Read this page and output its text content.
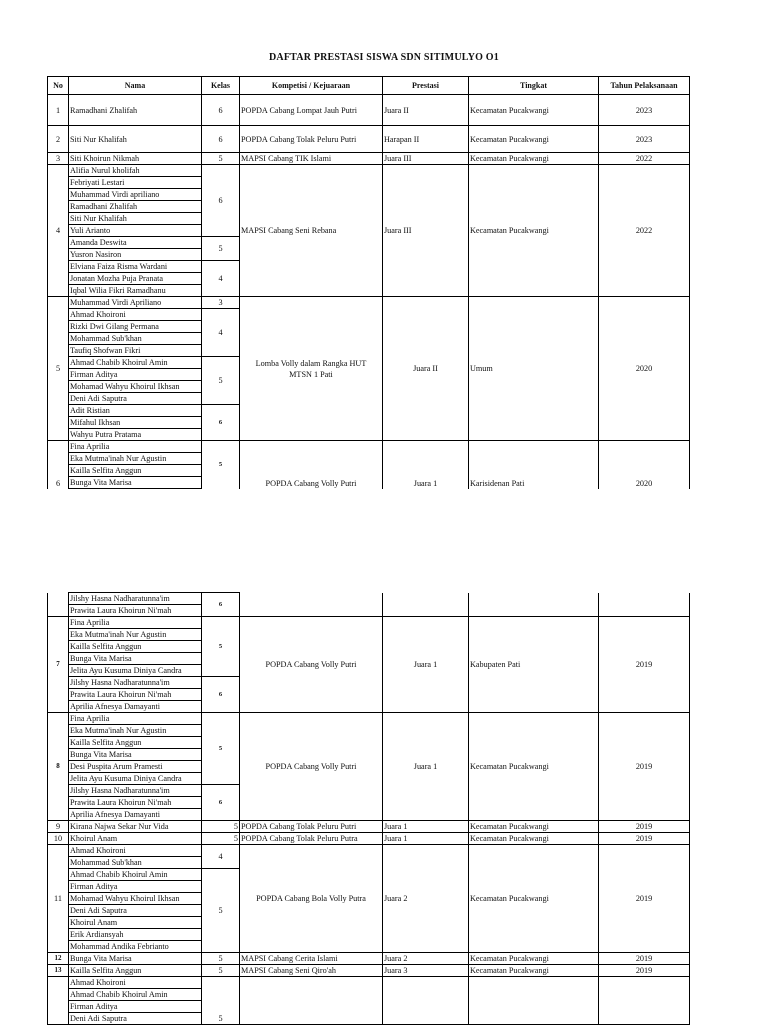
DAFTAR PRESTASI SISWA SDN SITIMULYO O1
No	Nama	Kelas	Kompetisi / Kejuaraan	Prestasi	Tingkat	Tahun Pelaksanaan
1	Ramadhani Zhalifah	6	POPDA Cabang Lompat Jauh Putri	Juara II	Kecamatan Pucakwangi	2023
2	Siti Nur Khalifah	6	POPDA Cabang Tolak Peluru Putri	Harapan II	Kecamatan Pucakwangi	2023
3	Siti Khoirun Nikmah	5	MAPSI Cabang TIK Islami	Juara III	Kecamatan Pucakwangi	2022
4	Alifia Nurul kholifah	6	MAPSI Cabang Seni Rebana	Juara III	Kecamatan Pucakwangi	2022
	Febriyati Lestari					
	Muhammad Virdi apriliano					
	Ramadhani Zhalifah					
	Siti Nur Khalifah					
	Yuli Arianto					
	Amanda Deswita	5				
	Yusron Nasiron					
	Elviana Faiza Risma Wardani	4				
	Jonatan Mozha Puja Pranata					
	Iqbal Wilia Fikri Ramadhanu					
5	Muhammad Virdi Apriliano	3	Lomba Volly dalam Rangka HUT MTSN 1 Pati	Juara II	Umum	2020
	Ahmad Khoironi	4				
	Rizki Dwi Gilang Permana					
	Mohammad Sub'khan					
	Taufiq Shofwan Fikri					
	Ahmad Chabib Khoirul Amin	5				
	Firman Aditya					
	Mohamad Wahyu Khoirul Ikhsan					
	Deni Adi Saputra					
	Adit Ristian	6				
	Mifahul Ikhsan					
	Wahyu Putra Pratama					
6	Fina Aprilia	5	POPDA Cabang Volly Putri	Juara 1	Karisidenan Pati	2020
	Eka Mutma'inah Nur Agustin					
	Kailla Selfita Anggun					
	Bunga Vita Marisa					
	Jilshy Hasna Nadharatunna'im	6				
	Prawita Laura Khoirun Ni'mah					
7	Fina Aprilia	5	POPDA Cabang Volly Putri	Juara 1	Kabupaten Pati	2019
	Eka Mutma'inah Nur Agustin					
	Kailla Selfita Anggun					
	Bunga Vita Marisa					
	Jelita Ayu Kusuma Diniya Candra					
	Jilshy Hasna Nadharatunna'im	6				
	Prawita Laura Khoirun Ni'mah					
	Aprilia Afnesya Damayanti					
8	Fina Aprilia	5	POPDA Cabang Volly Putri	Juara 1	Kecamatan Pucakwangi	2019
	Eka Mutma'inah Nur Agustin					
	Kailla Selfita Anggun					
	Bunga Vita Marisa					
	Desi Puspita Arum Pramesti					
	Jelita Ayu Kusuma Diniya Candra					
	Jilshy Hasna Nadharatunna'im	6				
	Prawita Laura Khoirun Ni'mah					
	Aprilia Afnesya Damayanti					
9	Kirana Najwa Sekar Nur Vida	5	POPDA Cabang Tolak Peluru Putri	Juara 1	Kecamatan Pucakwangi	2019
10	Khoirul Anam	5	POPDA Cabang Tolak Peluru Putra	Juara 1	Kecamatan Pucakwangi	2019
11	Ahmad Khoironi	4	POPDA Cabang Bola Volly Putra	Juara 2	Kecamatan Pucakwangi	2019
	Mohammad Sub'khan					
	Ahmad Chabib Khoirul Amin	5				
	Firman Aditya					
	Mohamad Wahyu Khoirul Ikhsan					
	Deni Adi Saputra					
	Khoirul Anam					
	Erik Ardiansyah					
	Mohammad Andika Febrianto					
12	Bunga Vita Marisa	5	MAPSI Cabang Cerita Islami	Juara 2	Kecamatan Pucakwangi	2019
13	Kailla Selfita Anggun	5	MAPSI Cabang Seni Qiro'ah	Juara 3	Kecamatan Pucakwangi	2019
	Ahmad Khoironi	5				
	Ahmad Chabib Khoirul Amin					
	Firman Aditya					
	Deni Adi Saputra					
